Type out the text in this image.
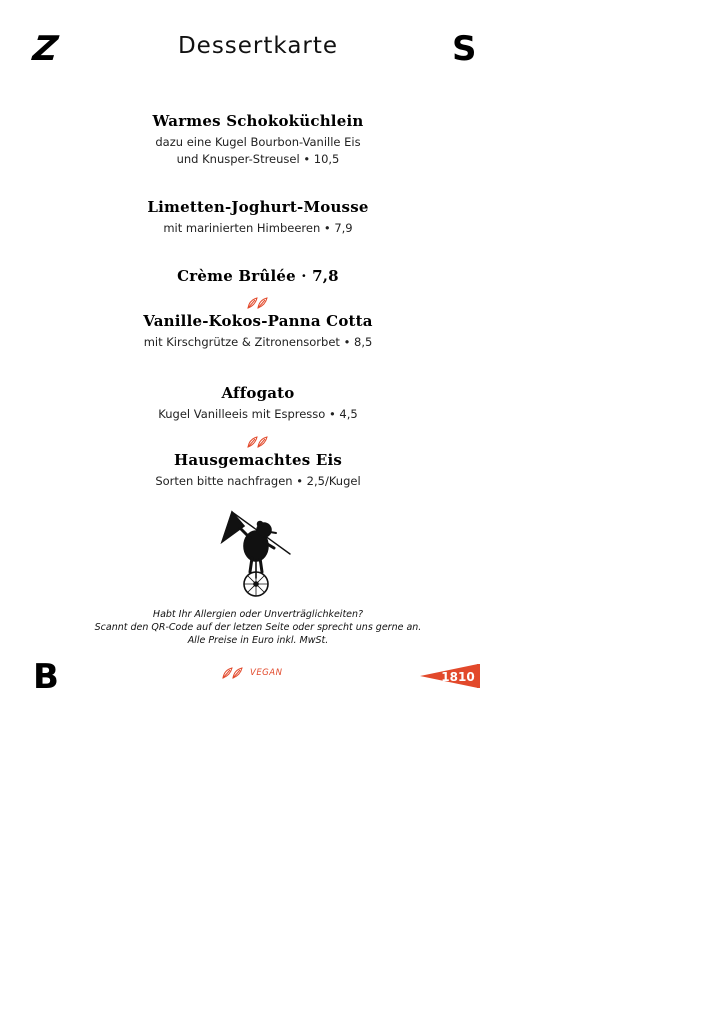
Z	Dessertkarte	S
Warmes Schokoküchlein
dazu eine Kugel Bourbon-Vanille Eis
und Knusper-Streusel • 10,5
Limetten-Joghurt-Mousse
mit marinierten Himbeeren • 7,9
Crème Brûlée · 7,8
Vanille-Kokos-Panna Cotta
mit Kirschgrütze & Zitronensorbet • 8,5
Affogato
Kugel Vanilleeis mit Espresso • 4,5
Hausgemachtes Eis
Sorten bitte nachfragen • 2,5/Kugel
Habt Ihr Allergien oder Unverträglichkeiten?
Scannt den QR-Code auf der letzen Seite oder sprecht uns gerne an.
Alle Preise in Euro inkl. MwSt.
B	VEGAN	1810
